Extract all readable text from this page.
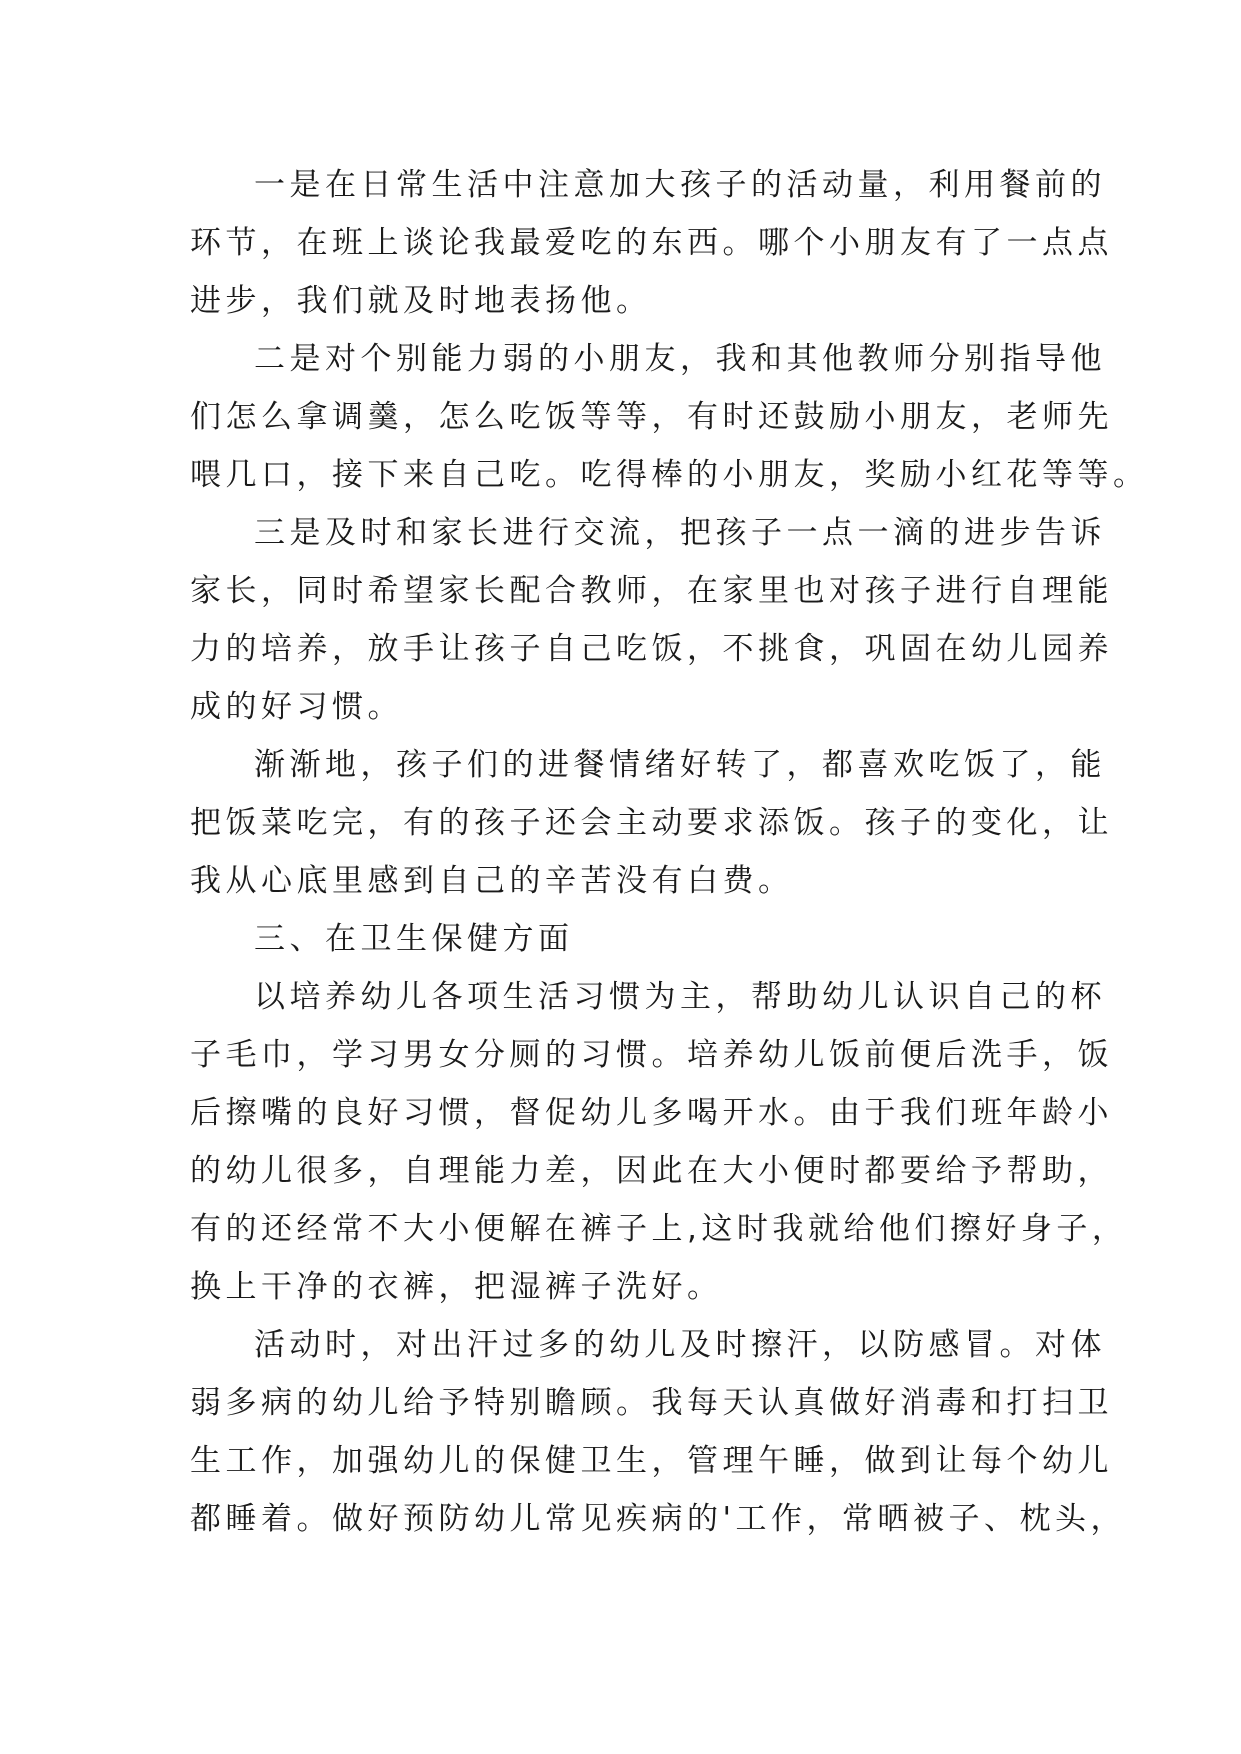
一是在日常生活中注意加大孩子的活动量，利用餐前的
环节，在班上谈论我最爱吃的东西。哪个小朋友有了一点点
进步，我们就及时地表扬他。
二是对个别能力弱的小朋友，我和其他教师分别指导他
们怎么拿调羹，怎么吃饭等等，有时还鼓励小朋友，老师先
喂几口，接下来自己吃。吃得棒的小朋友，奖励小红花等等。
三是及时和家长进行交流，把孩子一点一滴的进步告诉
家长，同时希望家长配合教师，在家里也对孩子进行自理能
力的培养，放手让孩子自己吃饭，不挑食，巩固在幼儿园养
成的好习惯。
渐渐地，孩子们的进餐情绪好转了，都喜欢吃饭了，能
把饭菜吃完，有的孩子还会主动要求添饭。孩子的变化，让
我从心底里感到自己的辛苦没有白费。
三、在卫生保健方面
以培养幼儿各项生活习惯为主，帮助幼儿认识自己的杯
子毛巾，学习男女分厕的习惯。培养幼儿饭前便后洗手，饭
后擦嘴的良好习惯，督促幼儿多喝开水。由于我们班年龄小
的幼儿很多，自理能力差，因此在大小便时都要给予帮助，
有的还经常不大小便解在裤子上,这时我就给他们擦好身子，
换上干净的衣裤，把湿裤子洗好。
活动时，对出汗过多的幼儿及时擦汗，以防感冒。对体
弱多病的幼儿给予特别瞻顾。我每天认真做好消毒和打扫卫
生工作，加强幼儿的保健卫生，管理午睡，做到让每个幼儿
都睡着。做好预防幼儿常见疾病的'工作，常晒被子、枕头，
